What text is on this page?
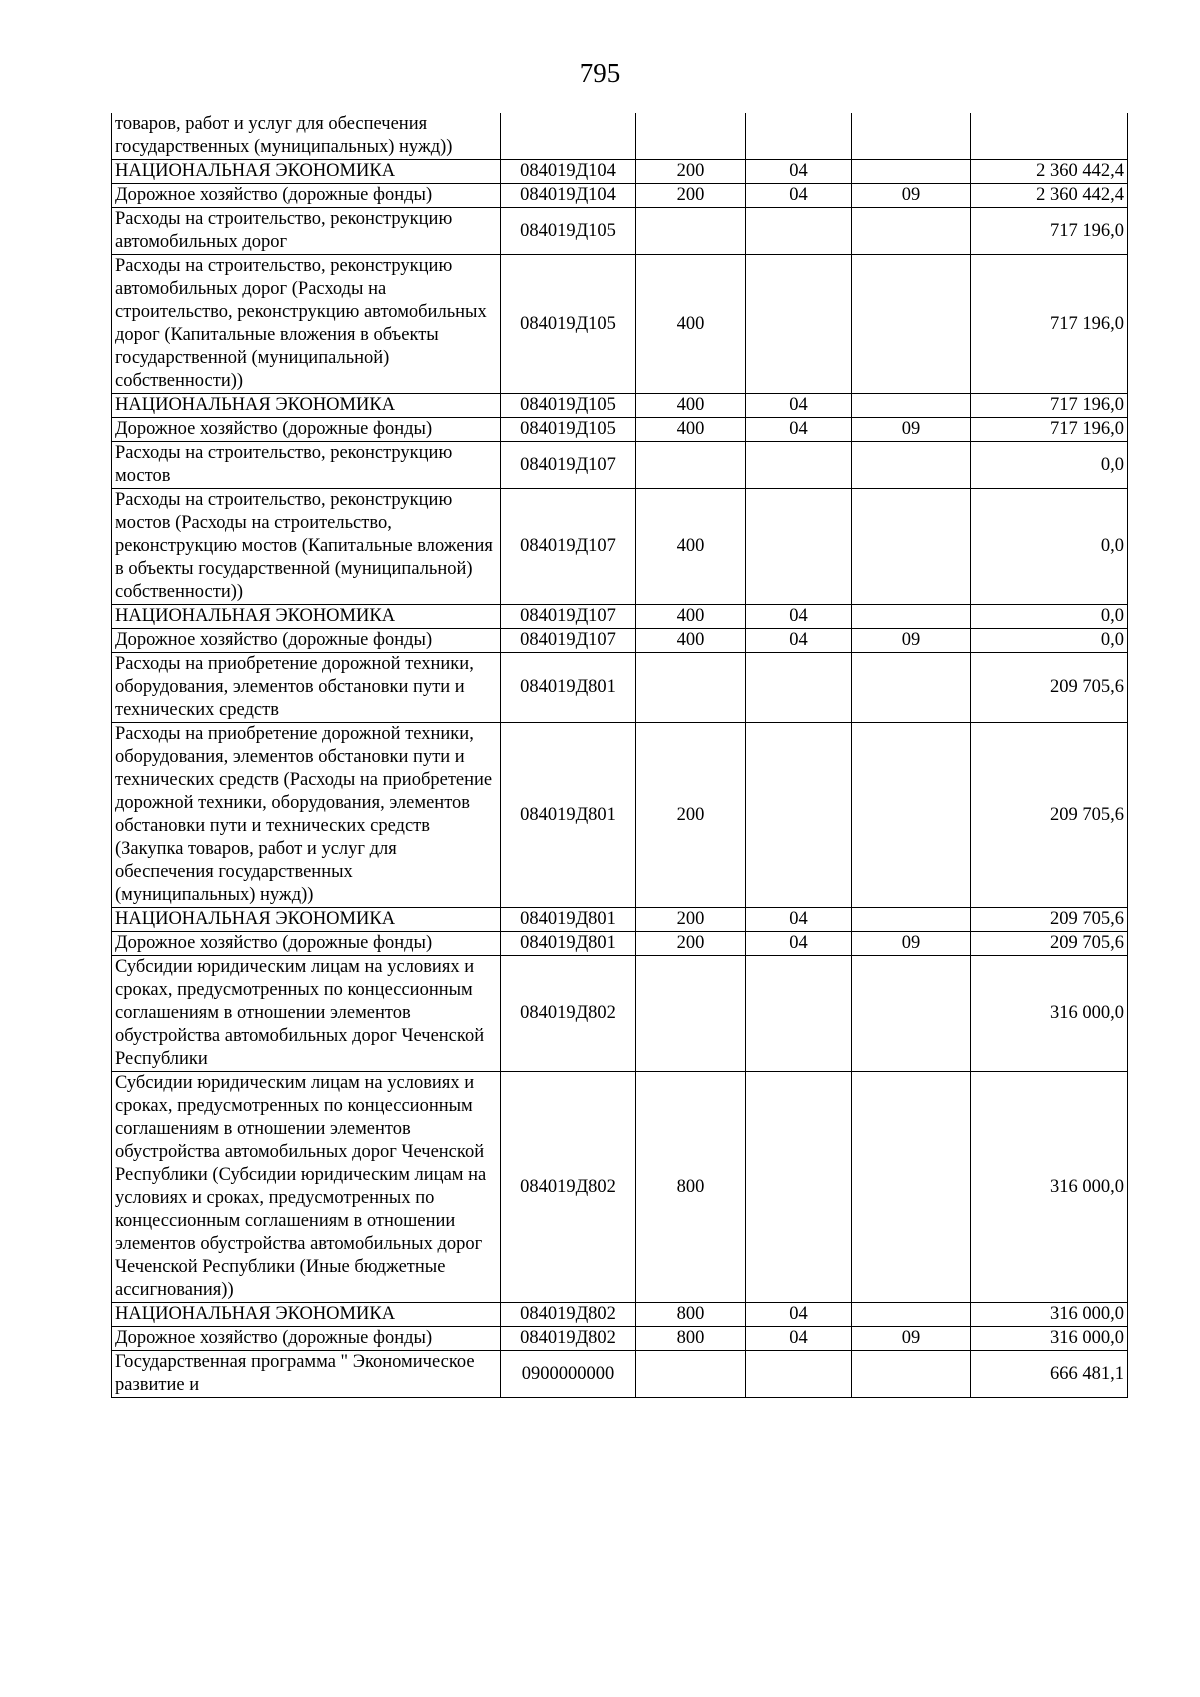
795
товаров, работ и услуг для обеспечения государственных (муниципальных) нужд))					
НАЦИОНАЛЬНАЯ ЭКОНОМИКА	084019Д104	200	04		2 360 442,4
Дорожное хозяйство (дорожные фонды)	084019Д104	200	04	09	2 360 442,4
Расходы на строительство, реконструкцию автомобильных дорог	084019Д105				717 196,0
Расходы на строительство, реконструкцию автомобильных дорог (Расходы на строительство, реконструкцию автомобильных дорог (Капитальные вложения в объекты государственной (муниципальной) собственности))	084019Д105	400			717 196,0
НАЦИОНАЛЬНАЯ ЭКОНОМИКА	084019Д105	400	04		717 196,0
Дорожное хозяйство (дорожные фонды)	084019Д105	400	04	09	717 196,0
Расходы на строительство, реконструкцию мостов	084019Д107				0,0
Расходы на строительство, реконструкцию мостов (Расходы на строительство, реконструкцию мостов (Капитальные вложения в объекты государственной (муниципальной) собственности))	084019Д107	400			0,0
НАЦИОНАЛЬНАЯ ЭКОНОМИКА	084019Д107	400	04		0,0
Дорожное хозяйство (дорожные фонды)	084019Д107	400	04	09	0,0
Расходы на приобретение дорожной техники, оборудования, элементов обстановки пути и технических средств	084019Д801				209 705,6
Расходы на приобретение дорожной техники, оборудования, элементов обстановки пути и технических средств (Расходы на приобретение дорожной техники, оборудования, элементов обстановки пути и технических средств (Закупка товаров, работ и услуг для обеспечения государственных (муниципальных) нужд))	084019Д801	200			209 705,6
НАЦИОНАЛЬНАЯ ЭКОНОМИКА	084019Д801	200	04		209 705,6
Дорожное хозяйство (дорожные фонды)	084019Д801	200	04	09	209 705,6
Субсидии юридическим лицам на условиях и сроках, предусмотренных по концессионным соглашениям в отношении элементов обустройства автомобильных дорог Чеченской Республики	084019Д802				316 000,0
Субсидии юридическим лицам на условиях и сроках, предусмотренных по концессионным соглашениям в отношении элементов обустройства автомобильных дорог Чеченской Республики (Субсидии юридическим лицам на условиях и сроках, предусмотренных по концессионным соглашениям в отношении элементов обустройства автомобильных дорог Чеченской Республики (Иные бюджетные ассигнования))	084019Д802	800			316 000,0
НАЦИОНАЛЬНАЯ ЭКОНОМИКА	084019Д802	800	04		316 000,0
Дорожное хозяйство (дорожные фонды)	084019Д802	800	04	09	316 000,0
Государственная программа " Экономическое развитие и	0900000000				666 481,1
